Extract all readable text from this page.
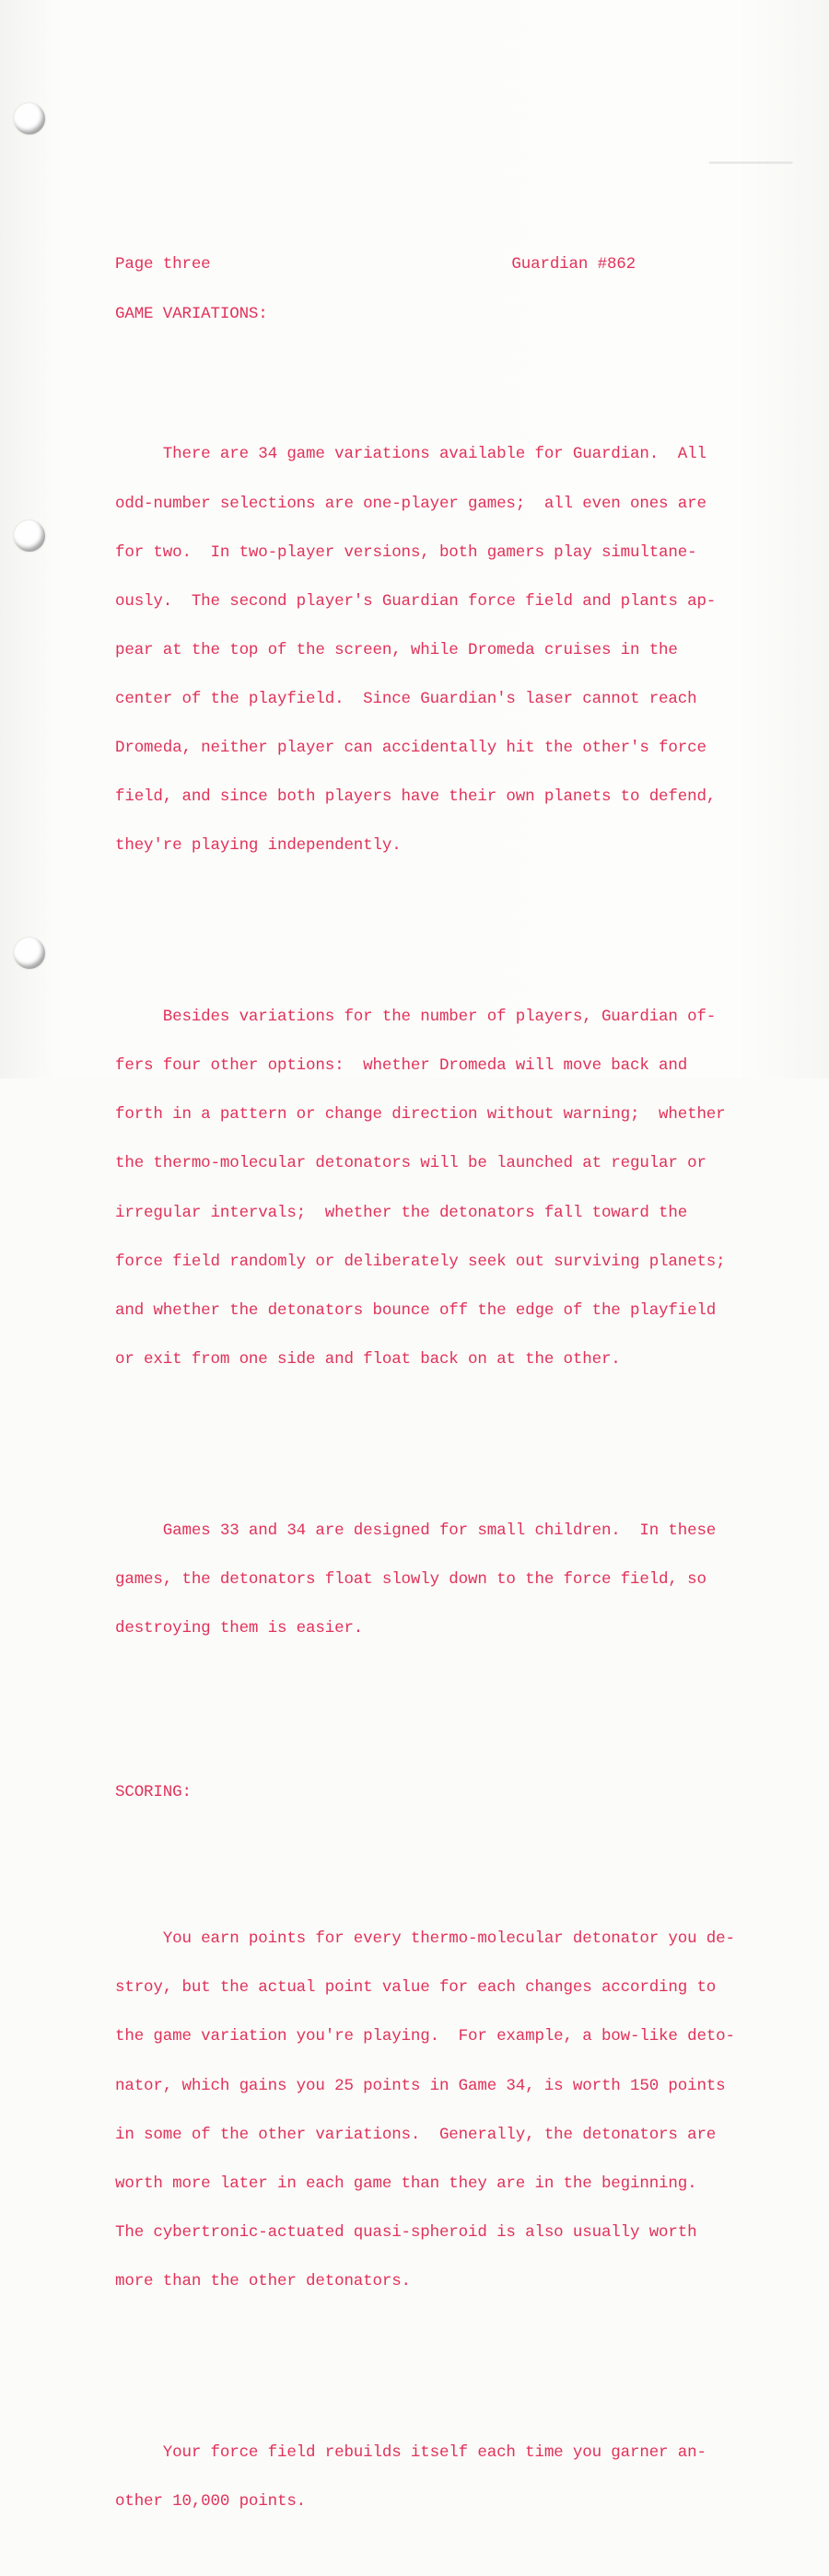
▁▁▁▁▁▁▁▁▁▁

Page three	Guardian #862

GAME VARIATIONS:

There are 34 game variations available for Guardian.  All

odd-number selections are one-player games;  all even ones are

for two.  In two-player versions, both gamers play simultane-

ously.  The second player's Guardian force field and plants ap-

pear at the top of the screen, while Dromeda cruises in the

center of the playfield.  Since Guardian's laser cannot reach

Dromeda, neither player can accidentally hit the other's force

field, and since both players have their own planets to defend,

they're playing independently.

Besides variations for the number of players, Guardian of-

fers four other options:  whether Dromeda will move back and

forth in a pattern or change direction without warning;  whether

the thermo-molecular detonators will be launched at regular or

irregular intervals;  whether the detonators fall toward the

force field randomly or deliberately seek out surviving planets;

and whether the detonators bounce off the edge of the playfield

or exit from one side and float back on at the other.

Games 33 and 34 are designed for small children.  In these

games, the detonators float slowly down to the force field, so

destroying them is easier.

SCORING:

You earn points for every thermo-molecular detonator you de-

stroy, but the actual point value for each changes according to

the game variation you're playing.  For example, a bow-like deto-

nator, which gains you 25 points in Game 34, is worth 150 points

in some of the other variations.  Generally, the detonators are

worth more later in each game than they are in the beginning.

The cybertronic-actuated quasi-spheroid is also usually worth

more than the other detonators.

Your force field rebuilds itself each time you garner an-

other 10,000 points.
